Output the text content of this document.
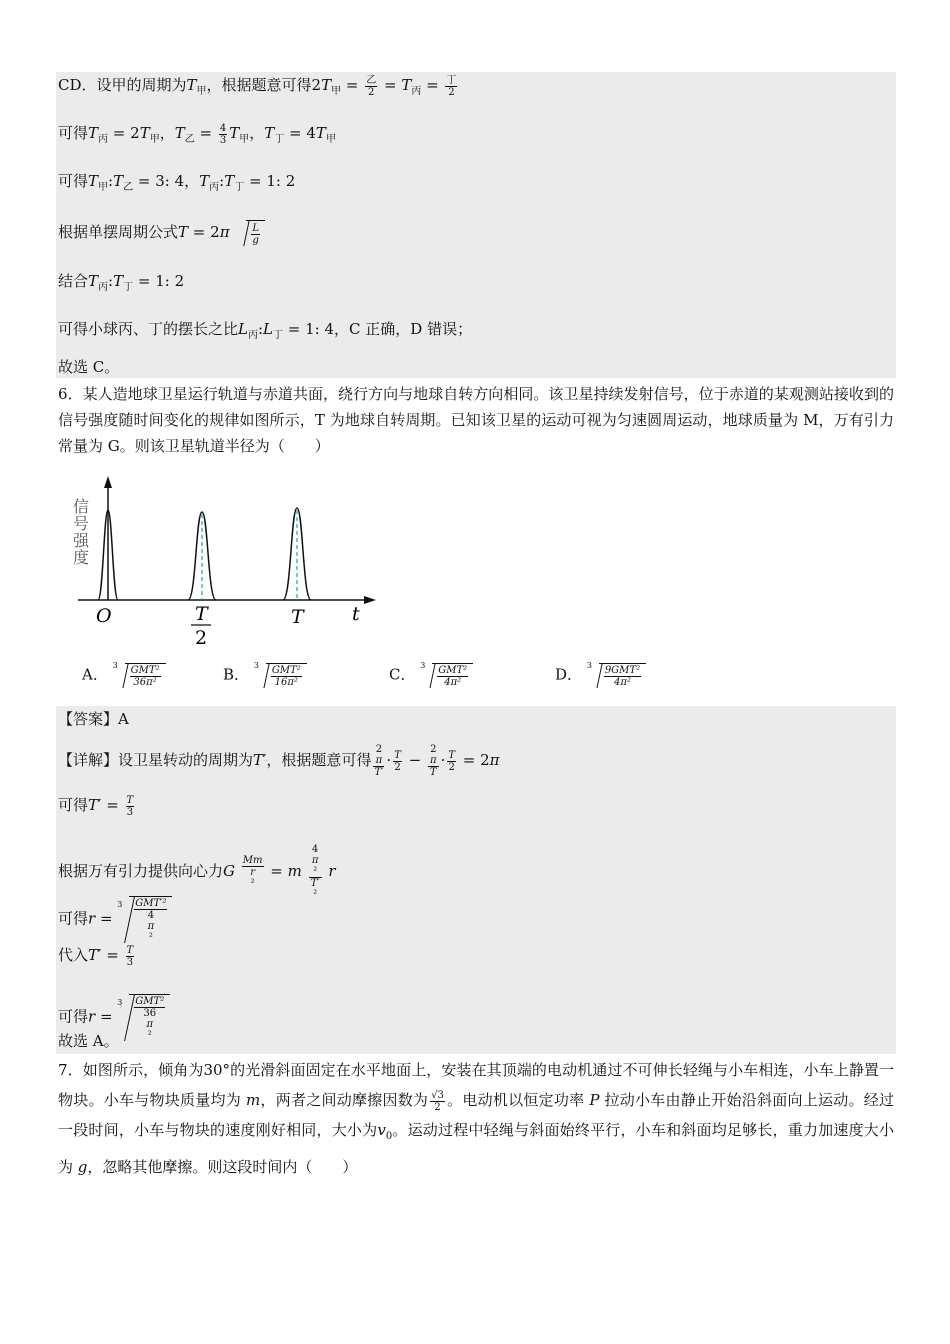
CD．设甲的周期为$T_甲$，根据题意可得$2T_甲 = \frac{\text{乙}}{2} = T_丙 = \frac{\text{丁}}{2}$
可得$T_丙 = 2T_甲$，$T_乙 = \frac{4}{3} T_甲$，$T_丁 = 4T_甲$
可得$T_甲:T_乙 = 3$: 4，$T_丙:T_丁 = 1$: 2
根据单摆周期公式$T = 2\pi \frac{L}{g}$
结合$T_丙:T_丁 = 1$: 2
可得小球丙、丁的摆长之比$L_丙:L_丁 = 1$: 4，C 正确，D 错误；
故选 C。
6．某人造地球卫星运行轨道与赤道共面，绕行方向与地球自转方向相同。该卫星持续发射信号，位于赤道的某观测站接收到的信号强度随时间变化的规律如图所示，T 为地球自转周期。已知该卫星的运动可视为匀速圆周运动，地球质量为 M，万有引力常量为 G。则该卫星轨道半径为（　　）
信号强度
O	T
2
T	t
A． $3 \frac{\text{GMT²}}{\text{36π²}}$	B． $3 \frac{\text{GMT²}}{\text{16π²}}$	C． $3 \frac{\text{GMT²}}{\text{4π²}}$	D． $3 \frac{\text{9GMT²}}{\text{4π²}}$
【答案】A
【详解】设卫星转动的周期为T′，根据题意可得 2
π
$T' \cdot \frac{T}{2} - 2$
π
$T \cdot \frac{T}{2} = 2\pi$
可得$T' = \frac{T}{3}$
根据万有引力提供向心力G Mm
r
² = m 4
π
²
T′
² r
可得r =
3 GMT′²
4
π
²
代入$T' = \frac{T}{3}$
可得r =
3 GMT²
36
π
²
故选 A。
7．如图所示，倾角为30°的光滑斜面固定在水平地面上，安装在其顶端的电动机通过不可伸长轻绳与小车相连，小车上静置一物块。小车与物块质量均为 m，两者之间动摩擦因数为 $\frac{√3}{2}$ 。电动机以恒定功率 P 拉动小车由静止开始沿斜面向上运动。经过一段时间，小车与物块的速度刚好相同，大小为$v_0$。运动过程中轻绳与斜面始终平行，小车和斜面均足够长，重力加速度大小为 g，忽略其他摩擦。则这段时间内（　　）
